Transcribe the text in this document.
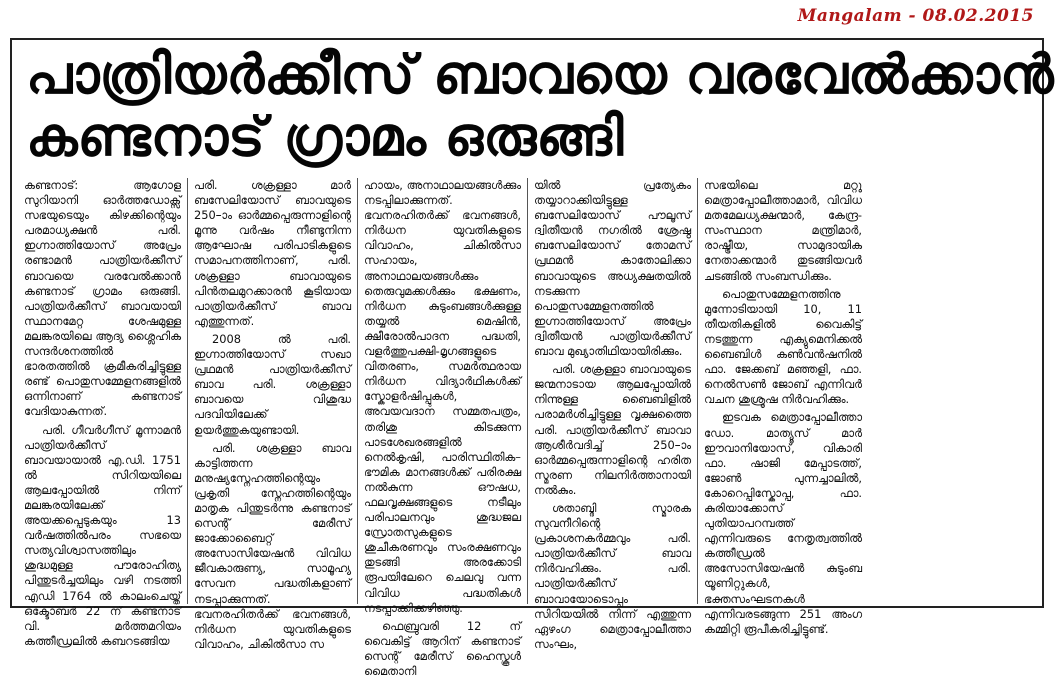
Mangalam - 08.02.2015
പാത്രിയർക്കീസ് ബാവയെ വരവേൽക്കാൻ
കണ്ടനാട് ഗ്രാമം ഒരുങ്ങി

കണ്ടനാട്: ആഗോള സുറിയാനി ഓർത്തഡോക്സ് സഭയുടെയും കിഴക്കിന്റെയും പരമാധ്യക്ഷൻ പരി. ഇഗ്നാത്തിയോസ് അപ്രേം രണ്ടാമൻ പാത്രിയർക്കീസ് ബാവയെ വരവേൽക്കാൻ കണ്ടനാട് ഗ്രാമം ഒരുങ്ങി. പാത്രിയർക്കീസ് ബാവയായി സ്ഥാനമേറ്റ ശേഷമുള്ള മലങ്കരയിലെ ആദ്യ ശ്ലൈഹിക സന്ദർശനത്തിൽ ഭാരതത്തിൽ ക്രമീകരിച്ചിട്ടുള്ള രണ്ട് പൊതുസമ്മേളനങ്ങളിൽ ഒന്നിനാണ് കണ്ടനാട് വേദിയാകുന്നത്.

പരി. ഗീവർഗീസ് മൂന്നാമൻ പാത്രിയർക്കീസ് ബാവയായാൽ എ.ഡി. 1751 ൽ സിറിയയിലെ ആലപ്പോയിൽ നിന്ന് മലങ്കരയിലേക്ക് അയക്കപ്പെടുകയും 13 വർഷത്തിൽപരം സഭയെ സത്യവിശ്വാസത്തിലും ശുദ്ധമുള്ള പൗരോഹിത്യ പിന്തുടർച്ചയിലും വഴി നടത്തി എഡി 1764 ൽ കാലംചെയ്ത് ഒക്ടോബർ 22 ന് കണ്ടനാട് വി. മർത്തമറിയം കത്തീഡ്രലിൽ കബറടങ്ങിയ

പരി. ശക്രള്ളാ മാർ ബസേലിയോസ് ബാവയുടെ 250–ാം ഓർമ്മപ്പെരുന്നാളിന്റെ മൂന്നു വർഷം നീണ്ടുനിന്ന ആഘോഷ പരിപാടികളുടെ സമാപനത്തിനാണ്, പരി. ശക്രള്ളാ ബാവായുടെ പിൻതലമുറക്കാരൻ കൂടിയായ പാത്രിയർക്കീസ് ബാവ എത്തുന്നത്.

2008 ൽ പരി. ഇഗ്നാത്തിയോസ് സഖാ പ്രഥമൻ പാത്രിയർക്കീസ് ബാവ പരി. ശക്രള്ളാ ബാവയെ വിശുദ്ധ പദവിയിലേക്ക് ഉയർത്തുകയുണ്ടായി.

പരി. ശക്രള്ളാ ബാവ കാട്ടിത്തന്ന മനുഷ്യസ്നേഹത്തിന്റെയും പ്രകൃതി സ്നേഹത്തിന്റെയും മാതൃക പിന്തുടർന്നു കണ്ടനാട് സെന്റ് മേരീസ് ജാക്കോബൈറ്റ് അസോസിയേഷൻ വിവിധ ജീവകാരുണ്യ, സാമൂഹ്യ സേവന പദ്ധതികളാണ് നടപ്പാക്കുന്നത്. ഭവനരഹിതർക്ക് ഭവനങ്ങൾ, നിർധന യുവതികളുടെ വിവാഹം, ചികിൽസാ സ

ഹായം, അനാഥാലയങ്ങൾക്കും നടപ്പിലാക്കുന്നത്. ഭവനരഹിതർക്ക് ഭവനങ്ങൾ, നിർധന യുവതികളുടെ വിവാഹം, ചികിൽസാ സഹായം, അനാഥാലയങ്ങൾക്കും തെരുവുമക്കൾക്കും ഭക്ഷണം, നിർധന കുടുംബങ്ങൾക്കുള്ള തയ്യൽ മെഷിൻ, ക്ഷീരോൽപാദന പദ്ധതി, വളർത്തുപക്ഷി-മൃഗങ്ങളുടെ വിതരണം, സമർത്ഥരായ നിർധന വിദ്യാർഥികൾക്ക് സ്കോളർഷിപ്പുകൾ, അവയവദാന സമ്മതപത്രം, തരിശു കിടക്കുന്ന പാടശേഖരങ്ങളിൽ നെൽകൃഷി, പാരിസ്ഥിതിക–ഭൗമിക മാനങ്ങൾക്ക് പരിരക്ഷ നൽകുന്ന ഔഷധ, ഫലവൃക്ഷങ്ങളുടെ നടീലും പരിപാലനവും ശുദ്ധജല സ്രോതസുകളുടെ ശുചീകരണവും സംരക്ഷണവും തുടങ്ങി അരക്കോടി രൂപയിലേറെ ചെലവു വന്ന വിവിധ പദ്ധതികൾ നടപ്പാക്കിക്കഴിഞ്ഞു.

ഫെബ്രുവരി 12 ന് വൈകിട്ട് ആറിന് കണ്ടനാട് സെന്റ് മേരീസ് ഹൈസ്കൂൾ മൈതാനി

യിൽ പ്രത്യേകം തയ്യാറാക്കിയിട്ടുള്ള ബസേലിയോസ് പൗലൂസ് ദ്വിതീയൻ നഗരിൽ ശ്രേഷ്ഠ ബസേലിയോസ് തോമസ് പ്രഥമൻ കാതോലിക്കാ ബാവായുടെ അധ്യക്ഷതയിൽ നടക്കുന്ന പൊതുസമ്മേളനത്തിൽ ഇഗ്നാത്തിയോസ് അപ്രേം ദ്വിതീയൻ പാത്രിയർക്കീസ് ബാവ മുഖ്യാതിഥിയായിരിക്കും.

പരി. ശക്രള്ളാ ബാവായുടെ ജന്മനാടായ ആലപ്പോയിൽ നിന്നുള്ള ബൈബിളിൽ പരാമർശിച്ചിട്ടുള്ള വൃക്ഷത്തൈ പരി. പാത്രിയർക്കീസ് ബാവാ ആശീർവദിച്ച് 250–ാം ഓർമ്മപ്പെരുന്നാളിന്റെ ഹരിത സ്മരണ നിലനിർത്താനായി നൽകും.

ശതാബ്ദി സ്മാരക സുവനീറിന്റെ പ്രകാശനകർമ്മവും പരി. പാത്രിയർക്കീസ് ബാവ നിർവഹിക്കും. പരി. പാത്രിയർക്കീസ് ബാവായോടൊപ്പം സിറിയയിൽ നിന്ന് എത്തുന്ന ഏഴംഗ മെത്രാപ്പോലീത്താ സംഘം,

സഭയിലെ മറ്റു മെത്രാപ്പോലീത്താമാർ, വിവിധ മതമേലധ്യക്ഷന്മാർ, കേന്ദ്ര-സംസ്ഥാന മന്ത്രിമാർ, രാഷ്ട്രീയ, സാമുദായിക നേതാക്കന്മാർ തുടങ്ങിയവർ ചടങ്ങിൽ സംബന്ധിക്കും.

പൊതുസമ്മേളനത്തിനു മുന്നോടിയായി 10, 11 തീയതികളിൽ വൈകിട്ട് നടത്തുന്ന എക്യുമെനിക്കൽ ബൈബിൾ കൺവൻഷനിൽ ഫാ. ജേക്കബ് മഞ്ഞളി, ഫാ. നെൽസൺ ജോബ് എന്നിവർ വചന ശുശ്രൂഷ നിർവഹിക്കും.

ഇടവക മെത്രാപ്പോലീത്താ ഡോ. മാത്യൂസ് മാർ ഈവാനിയോസ്, വികാരി ഫാ. ഷാജി മേപ്പാടത്ത്, ജോൺ പുന്നച്ചാലിൽ, കോറെപ്പിസ്കോപ്പ, ഫാ. കുരിയാക്കോസ് പുതിയാപറമ്പത്ത് എന്നിവരുടെ നേതൃത്വത്തിൽ കത്തീഡ്രൽ അസോസിയേഷൻ കുടുംബ യൂണിറ്റുകൾ, ഭക്തസംഘടനകൾ എന്നിവരടങ്ങുന്ന 251 അംഗ കമ്മിറ്റി രൂപീകരിച്ചിട്ടുണ്ട്.
